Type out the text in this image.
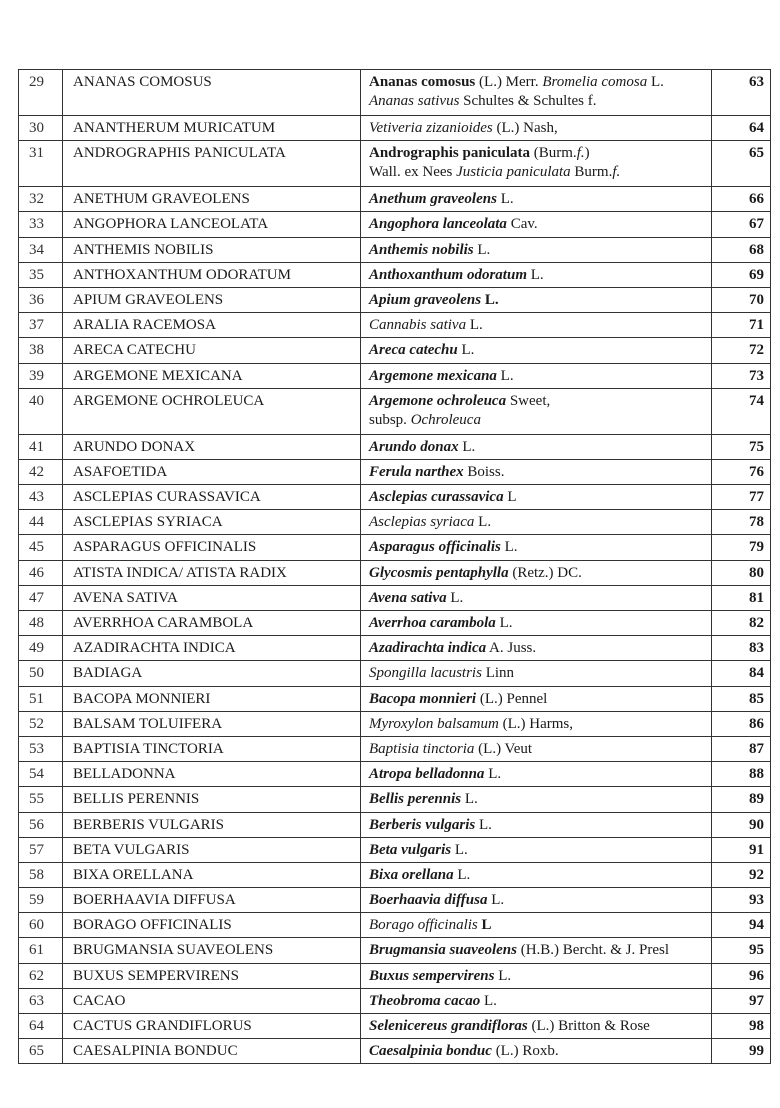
29	ANANAS COMOSUS	Ananas comosus (L.) Merr. Bromelia comosa L.
Ananas sativus Schultes & Schultes f.	63
30	ANANTHERUM MURICATUM	Vetiveria zizanioides (L.) Nash,	64
31	ANDROGRAPHIS PANICULATA	Andrographis paniculata (Burm.f.)
Wall. ex Nees Justicia paniculata Burm.f.	65
32	ANETHUM GRAVEOLENS	Anethum graveolens L.	66
33	ANGOPHORA LANCEOLATA	Angophora lanceolata Cav.	67
34	ANTHEMIS NOBILIS	Anthemis nobilis L.	68
35	ANTHOXANTHUM ODORATUM	Anthoxanthum odoratum L.	69
36	APIUM GRAVEOLENS	Apium graveolens L.	70
37	ARALIA RACEMOSA	Cannabis sativa L.	71
38	ARECA CATECHU	Areca catechu L.	72
39	ARGEMONE MEXICANA	Argemone mexicana L.	73
40	ARGEMONE OCHROLEUCA	Argemone ochroleuca Sweet,
subsp. Ochroleuca	74
41	ARUNDO DONAX	Arundo donax L.	75
42	ASAFOETIDA	Ferula narthex Boiss.	76
43	ASCLEPIAS CURASSAVICA	Asclepias curassavica L	77
44	ASCLEPIAS SYRIACA	Asclepias syriaca L.	78
45	ASPARAGUS OFFICINALIS	Asparagus officinalis L.	79
46	ATISTA INDICA/ ATISTA RADIX	Glycosmis pentaphylla (Retz.) DC.	80
47	AVENA SATIVA	Avena sativa L.	81
48	AVERRHOA CARAMBOLA	Averrhoa carambola L.	82
49	AZADIRACHTA INDICA	Azadirachta indica A. Juss.	83
50	BADIAGA	Spongilla lacustris Linn	84
51	BACOPA MONNIERI	Bacopa monnieri (L.) Pennel	85
52	BALSAM TOLUIFERA	Myroxylon balsamum (L.) Harms,	86
53	BAPTISIA TINCTORIA	Baptisia tinctoria (L.) Veut	87
54	BELLADONNA	Atropa belladonna L.	88
55	BELLIS PERENNIS	Bellis perennis L.	89
56	BERBERIS VULGARIS	Berberis vulgaris L.	90
57	BETA VULGARIS	Beta vulgaris L.	91
58	BIXA ORELLANA	Bixa orellana L.	92
59	BOERHAAVIA DIFFUSA	Boerhaavia diffusa L.	93
60	BORAGO OFFICINALIS	Borago officinalis L	94
61	BRUGMANSIA SUAVEOLENS	Brugmansia suaveolens (H.B.) Bercht. & J. Presl	95
62	BUXUS SEMPERVIRENS	Buxus sempervirens L.	96
63	CACAO	Theobroma cacao L.	97
64	CACTUS GRANDIFLORUS	Selenicereus grandifloras (L.) Britton & Rose	98
65	CAESALPINIA BONDUC	Caesalpinia bonduc (L.) Roxb.	99
